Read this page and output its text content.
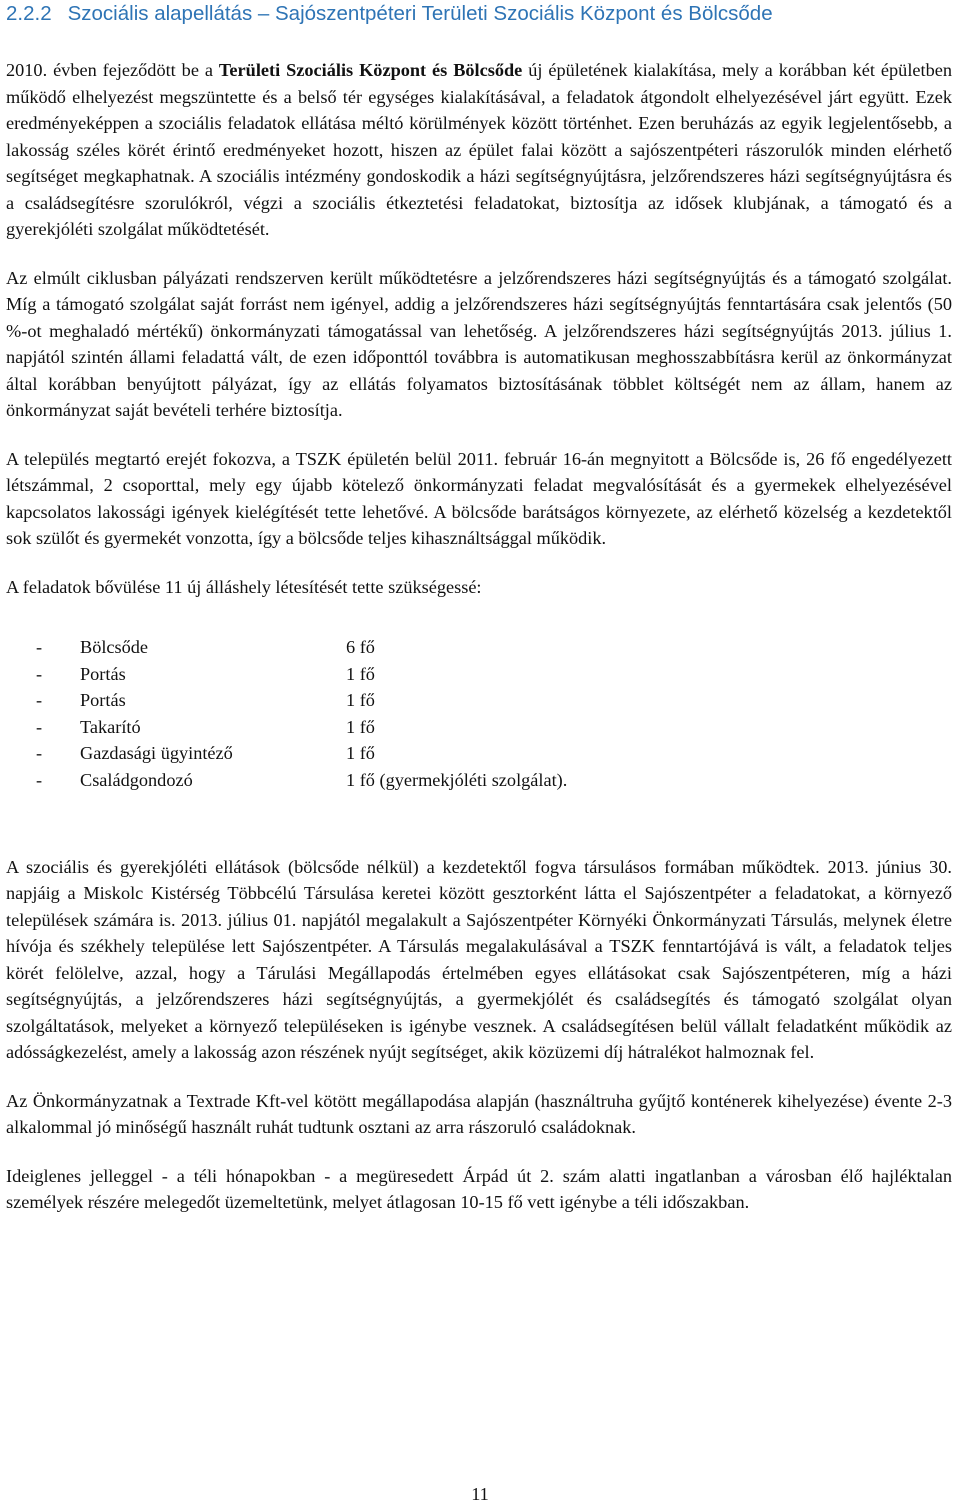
2.2.2 Szociális alapellátás – Sajószentpéteri Területi Szociális Központ és Bölcsőde

2010. évben fejeződött be a Területi Szociális Központ és Bölcsőde új épületének kialakítása, mely a korábban két épületben működő elhelyezést megszüntette és a belső tér egységes kialakításával, a feladatok átgondolt elhelyezésével járt együtt. Ezek eredményeképpen a szociális feladatok ellátása méltó körülmények között történhet. Ezen beruházás az egyik legjelentősebb, a lakosság széles körét érintő eredményeket hozott, hiszen az épület falai között a sajószentpéteri rászorulók minden elérhető segítséget megkaphatnak. A szociális intézmény gondoskodik a házi segítségnyújtásra, jelzőrendszeres házi segítségnyújtásra és a családsegítésre szorulókról, végzi a szociális étkeztetési feladatokat, biztosítja az idősek klubjának, a támogató és a gyerekjóléti szolgálat működtetését.

Az elmúlt ciklusban pályázati rendszerven került működtetésre a jelzőrendszeres házi segítségnyújtás és a támogató szolgálat. Míg a támogató szolgálat saját forrást nem igényel, addig a jelzőrendszeres házi segítségnyújtás fenntartására csak jelentős (50 %-ot meghaladó mértékű) önkormányzati támogatással van lehetőség. A jelzőrendszeres házi segítségnyújtás 2013. július 1. napjától szintén állami feladattá vált, de ezen időponttól továbbra is automatikusan meghosszabbításra kerül az önkormányzat által korábban benyújtott pályázat, így az ellátás folyamatos biztosításának többlet költségét nem az állam, hanem az önkormányzat saját bevételi terhére biztosítja.

A település megtartó erejét fokozva, a TSZK épületén belül 2011. február 16-án megnyitott a Bölcsőde is, 26 fő engedélyezett létszámmal, 2 csoporttal, mely egy újabb kötelező önkormányzati feladat megvalósítását és a gyermekek elhelyezésével kapcsolatos lakossági igények kielégítését tette lehetővé. A bölcsőde barátságos környezete, az elérhető közelség a kezdetektől sok szülőt és gyermekét vonzotta, így a bölcsőde teljes kihasználtsággal működik.

A feladatok bővülése 11 új álláshely létesítését tette szükségessé:

-	Bölcsőde	6 fő
-	Portás	1 fő
-	Portás	1 fő
-	Takarító	1 fő
-	Gazdasági ügyintéző	1 fő
-	Családgondozó	1 fő (gyermekjóléti szolgálat).

A szociális és gyerekjóléti ellátások (bölcsőde nélkül) a kezdetektől fogva társulásos formában működtek. 2013. június 30. napjáig a Miskolc Kistérség Többcélú Társulása keretei között gesztorként látta el Sajószentpéter a feladatokat, a környező települések számára is. 2013. július 01. napjától megalakult a Sajószentpéter Környéki Önkormányzati Társulás, melynek életre hívója és székhely települése lett Sajószentpéter. A Társulás megalakulásával a TSZK fenntartójává is vált, a feladatok teljes körét felölelve, azzal, hogy a Tárulási Megállapodás értelmében egyes ellátásokat csak Sajószentpéteren, míg a házi segítségnyújtás, a jelzőrendszeres házi segítségnyújtás, a gyermekjólét és családsegítés és támogató szolgálat olyan szolgáltatások, melyeket a környező településeken is igénybe vesznek. A családsegítésen belül vállalt feladatként működik az adósságkezelést, amely a lakosság azon részének nyújt segítséget, akik közüzemi díj hátralékot halmoznak fel.

Az Önkormányzatnak a Textrade Kft-vel kötött megállapodása alapján (használtruha gyűjtő konténerek kihelyezése) évente 2-3 alkalommal jó minőségű használt ruhát tudtunk osztani az arra rászoruló családoknak.

Ideiglenes jelleggel - a téli hónapokban - a megüresedett Árpád út 2. szám alatti ingatlanban a városban élő hajléktalan személyek részére melegedőt üzemeltetünk, melyet átlagosan 10-15 fő vett igénybe a téli időszakban.

11
